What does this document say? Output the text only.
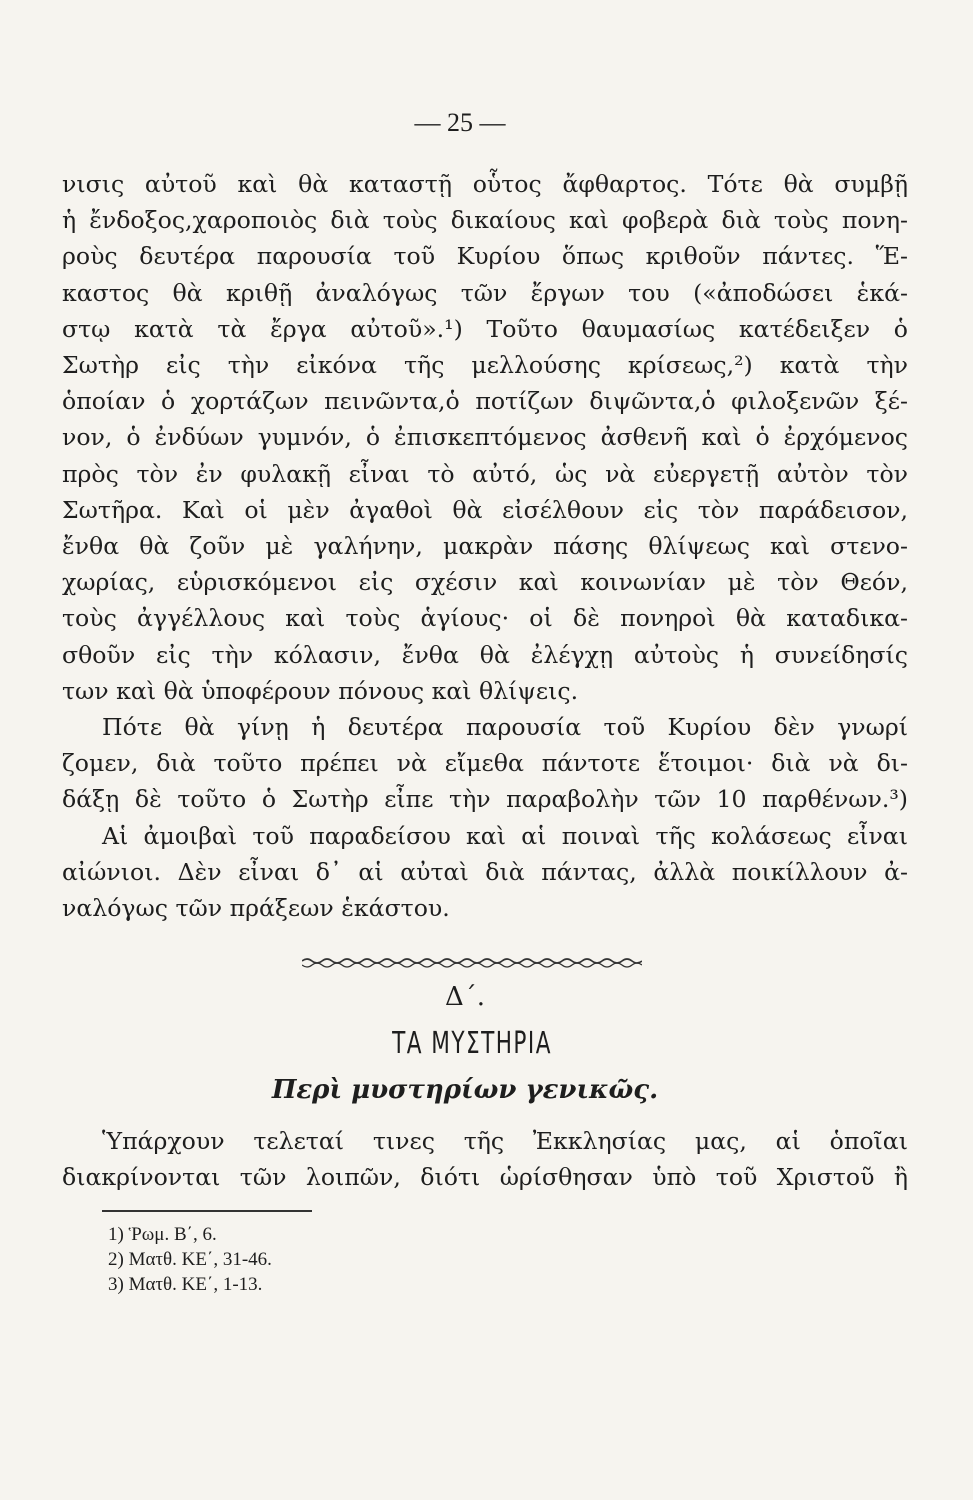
— 25 —

νισις αὐτοῦ καὶ θὰ καταστῇ οὗτος ἄφθαρτος. Τότε θὰ συμβῇ
ἡ ἔνδοξος,χαροποιὸς διὰ τοὺς δικαίους καὶ φοβερὰ διὰ τοὺς πονη-
ροὺς δευτέρα παρουσία τοῦ Κυρίου ὅπως κριθοῦν πάντες. Ἕ-
καστος θὰ κριθῇ ἀναλόγως τῶν ἔργων του («ἀποδώσει ἑκά-
στῳ κατὰ τὰ ἔργα αὐτοῦ».¹) Τοῦτο θαυμασίως κατέδειξεν ὁ
Σωτὴρ εἰς τὴν εἰκόνα τῆς μελλούσης κρίσεως,²) κατὰ τὴν
ὁποίαν ὁ χορτάζων πεινῶντα,ὁ ποτίζων διψῶντα,ὁ φιλοξενῶν ξέ-
νον, ὁ ἐνδύων γυμνόν, ὁ ἐπισκεπτόμενος ἀσθενῆ καὶ ὁ ἐρχόμενος
πρὸς τὸν ἐν φυλακῇ εἶναι τὸ αὐτό, ὡς νὰ εὐεργετῇ αὐτὸν τὸν
Σωτῆρα. Καὶ οἱ μὲν ἀγαθοὶ θὰ εἰσέλθουν εἰς τὸν παράδεισον,
ἔνθα θὰ ζοῦν μὲ γαλήνην, μακρὰν πάσης θλίψεως καὶ στενο-
χωρίας, εὑρισκόμενοι εἰς σχέσιν καὶ κοινωνίαν μὲ τὸν Θεόν,
τοὺς ἀγγέλλους καὶ τοὺς ἁγίους· οἱ δὲ πονηροὶ θὰ καταδικα-
σθοῦν εἰς τὴν κόλασιν, ἔνθα θὰ ἐλέγχῃ αὐτοὺς ἡ συνείδησίς
των καὶ θὰ ὑποφέρουν πόνους καὶ θλίψεις.

Πότε θὰ γίνῃ ἡ δευτέρα παρουσία τοῦ Κυρίου δὲν γνωρί
ζομεν, διὰ τοῦτο πρέπει νὰ εἴμεθα πάντοτε ἕτοιμοι· διὰ νὰ δι-
δάξῃ δὲ τοῦτο ὁ Σωτὴρ εἶπε τὴν παραβολὴν τῶν 10 παρθένων.³)

Αἱ ἀμοιβαὶ τοῦ παραδείσου καὶ αἱ ποιναὶ τῆς κολάσεως εἶναι
αἰώνιοι. Δὲν εἶναι δ᾽ αἱ αὐταὶ διὰ πάντας, ἀλλὰ ποικίλλουν ἀ-
ναλόγως τῶν πράξεων ἑκάστου.

Δ΄.
ΤΑ ΜΥΣΤΗΡΙΑ
Περὶ μυστηρίων γενικῶς.

Ὑπάρχουν τελεταί τινες τῆς Ἐκκλησίας μας, αἱ ὁποῖαι
διακρίνονται τῶν λοιπῶν, διότι ὡρίσθησαν ὑπὸ τοῦ Χριστοῦ ἢ

1) Ῥωμ. Β΄, 6.
2) Ματθ. ΚΕ΄, 31-46.
3) Ματθ. ΚΕ΄, 1-13.
